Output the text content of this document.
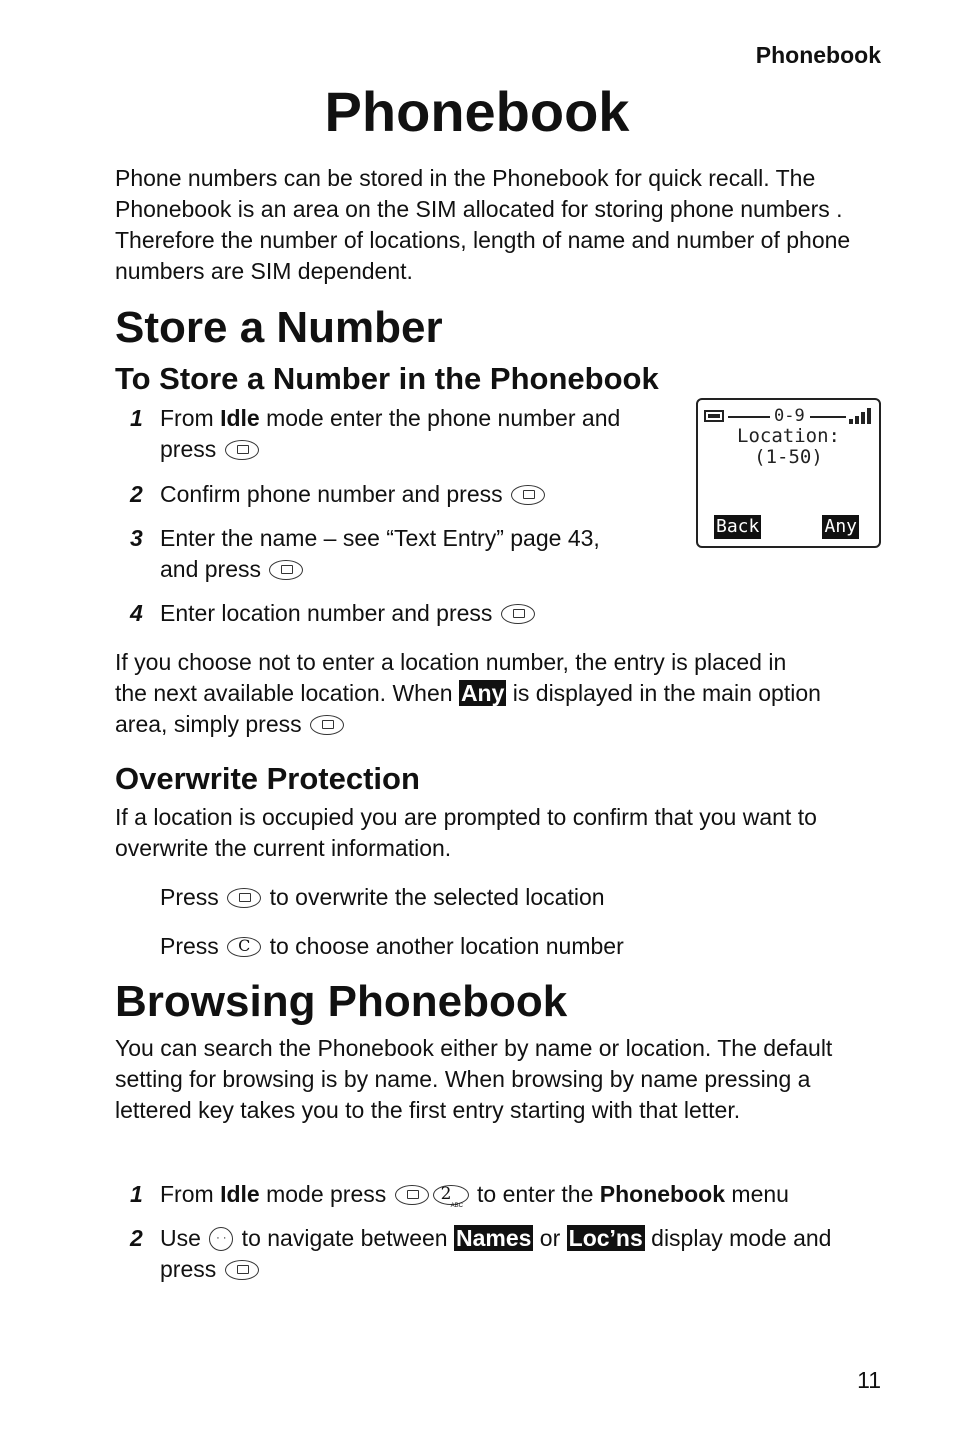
Phonebook
Phonebook
Phone numbers can be stored in the Phonebook for quick recall. The Phonebook is an area on the SIM allocated for storing phone numbers . Therefore the number of locations, length of name and number of phone numbers are SIM dependent.
Store a Number
To Store a Number in the Phonebook
1 From Idle mode enter the phone number and
press
2 Confirm phone number and press
3 Enter the name – see “Text Entry” page 43,
and press
4 Enter location number and press
0-9
Location:
(1-50)
Back	Any
If you choose not to enter a location number, the entry is placed in
the next available location. When Any is displayed in the main option
area, simply press
Overwrite Protection
If a location is occupied you are prompted to confirm that you want to overwrite the current information.
Press to overwrite the selected location
Press C to choose another location number
Browsing Phonebook
You can search the Phonebook either by name or location. The default setting for browsing is by name. When browsing by name pressing a lettered key takes you to the first entry starting with that letter.
1 From Idle mode press ABC 2	to enter the Phonebook menu
2 Use · · to navigate between Names or Loc’ns display mode and
press
11
